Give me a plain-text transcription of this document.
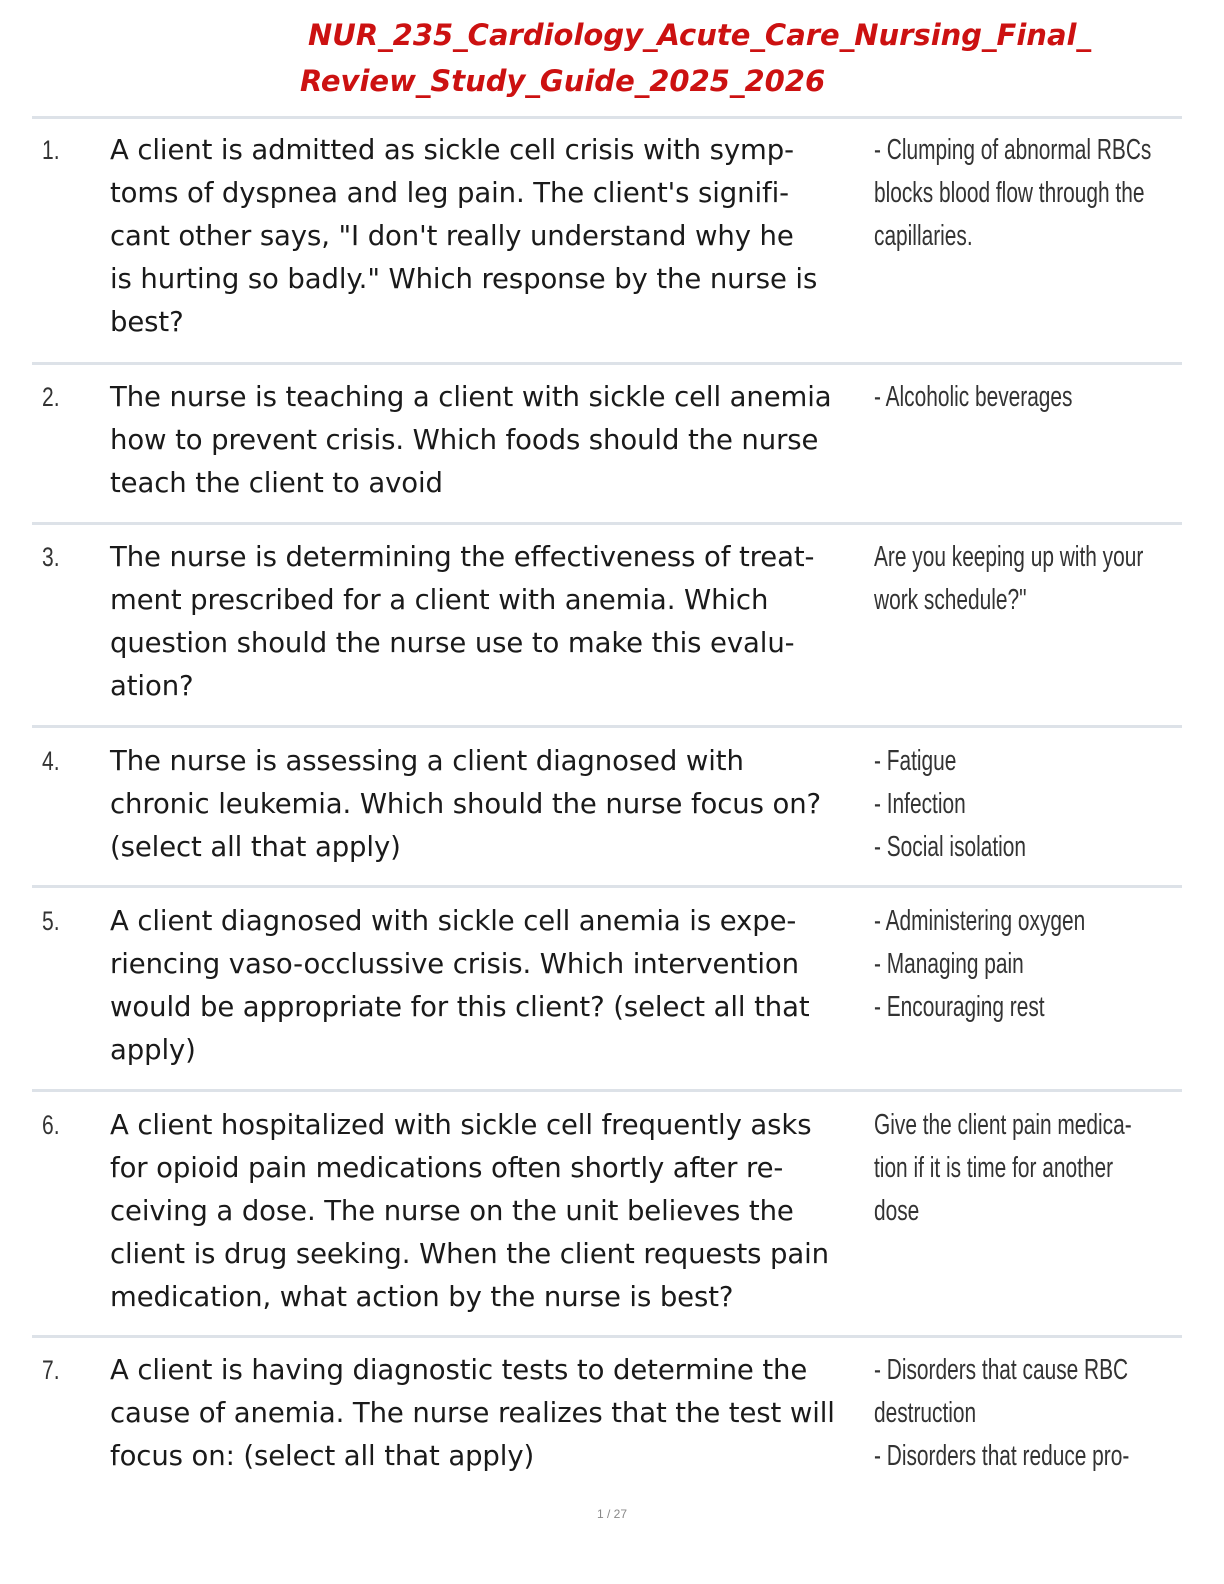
NUR_235_Cardiology_Acute_Care_Nursing_Final_
Review_Study_Guide_2025_2026
1. A client is admitted as sickle cell crisis with symp-
toms of dyspnea and leg pain. The client's signifi-
cant other says, "I don't really understand why he
is hurting so badly." Which response by the nurse is
best?
- Clumping of abnormal RBCs
blocks blood flow through the
capillaries.
2. The nurse is teaching a client with sickle cell anemia
how to prevent crisis. Which foods should the nurse
teach the client to avoid
- Alcoholic beverages
3. The nurse is determining the effectiveness of treat-
ment prescribed for a client with anemia. Which
question should the nurse use to make this evalu-
ation?
Are you keeping up with your
work schedule?"
4. The nurse is assessing a client diagnosed with
chronic leukemia. Which should the nurse focus on?
(select all that apply)
- Fatigue
- Infection
- Social isolation
5. A client diagnosed with sickle cell anemia is expe-
riencing vaso-occlussive crisis. Which intervention
would be appropriate for this client? (select all that
apply)
- Administering oxygen
- Managing pain
- Encouraging rest
6. A client hospitalized with sickle cell frequently asks
for opioid pain medications often shortly after re-
ceiving a dose. The nurse on the unit believes the
client is drug seeking. When the client requests pain
medication, what action by the nurse is best?
Give the client pain medica-
tion if it is time for another
dose
7. A client is having diagnostic tests to determine the
cause of anemia. The nurse realizes that the test will
focus on: (select all that apply)
- Disorders that cause RBC
destruction
- Disorders that reduce pro-
1 / 27
